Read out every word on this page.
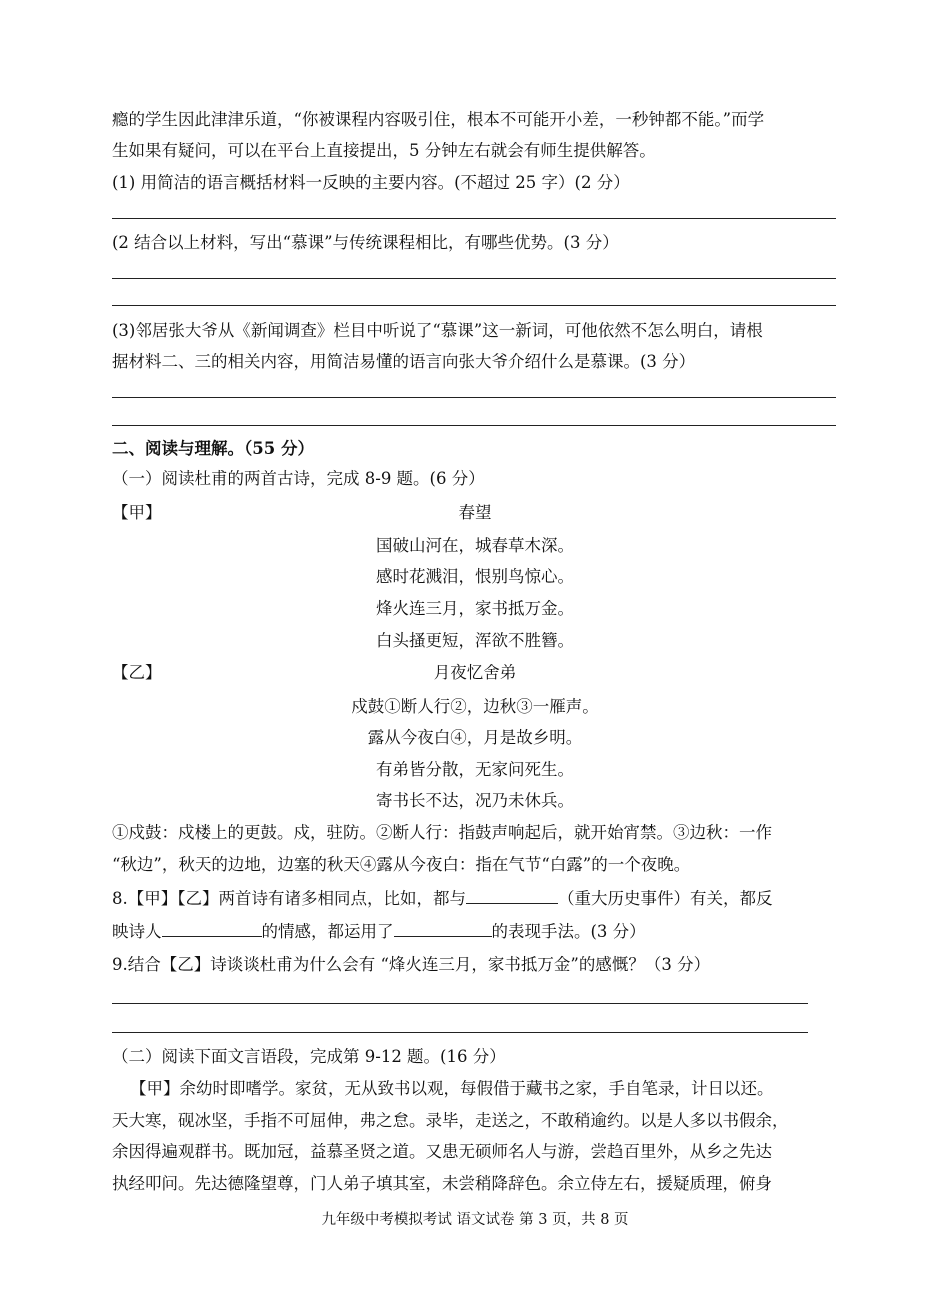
瘾的学生因此津津乐道，“你被课程内容吸引住，根本不可能开小差，一秒钟都不能。”而学
生如果有疑问，可以在平台上直接提出，5 分钟左右就会有师生提供解答。
(1) 用简洁的语言概括材料一反映的主要内容。(不超过 25 字）(2 分）
(2 结合以上材料，写出“慕课”与传统课程相比，有哪些优势。(3 分）
(3)邻居张大爷从《新闻调查》栏目中听说了“慕课”这一新词，可他依然不怎么明白，请根
据材料二、三的相关内容，用简洁易懂的语言向张大爷介绍什么是慕课。(3 分）
二、阅读与理解。（55 分）
（一）阅读杜甫的两首古诗，完成 8-9 题。(6 分）
【甲】	春望
国破山河在，城春草木深。
感时花溅泪，恨别鸟惊心。
烽火连三月，家书抵万金。
白头搔更短，浑欲不胜簪。
【乙】	月夜忆舍弟
戍鼓①断人行②，边秋③一雁声。
露从今夜白④，月是故乡明。
有弟皆分散，无家问死生。
寄书长不达，况乃未休兵。
①戍鼓：戍楼上的更鼓。戍，驻防。②断人行：指鼓声响起后，就开始宵禁。③边秋：一作
“秋边”，秋天的边地，边塞的秋天④露从今夜白：指在气节“白露”的一个夜晚。
8.【甲】【乙】两首诗有诸多相同点，比如，都与	（重大历史事件）有关，都反
映诗人	的情感，都运用了	的表现手法。(3 分）
9.结合【乙】诗谈谈杜甫为什么会有 “烽火连三月，家书抵万金”的感慨？（3 分）
（二）阅读下面文言语段，完成第 9-12 题。(16 分）
【甲】余幼时即嗜学。家贫，无从致书以观，每假借于藏书之家，手自笔录，计日以还。
天大寒，砚冰坚，手指不可屈伸，弗之怠。录毕，走送之，不敢稍逾约。以是人多以书假余，
余因得遍观群书。既加冠，益慕圣贤之道。又患无硕师名人与游，尝趋百里外，从乡之先达
执经叩问。先达德隆望尊，门人弟子填其室，未尝稍降辞色。余立侍左右，援疑质理，俯身
九年级中考模拟考试 语文试卷 第 3 页，共 8 页
